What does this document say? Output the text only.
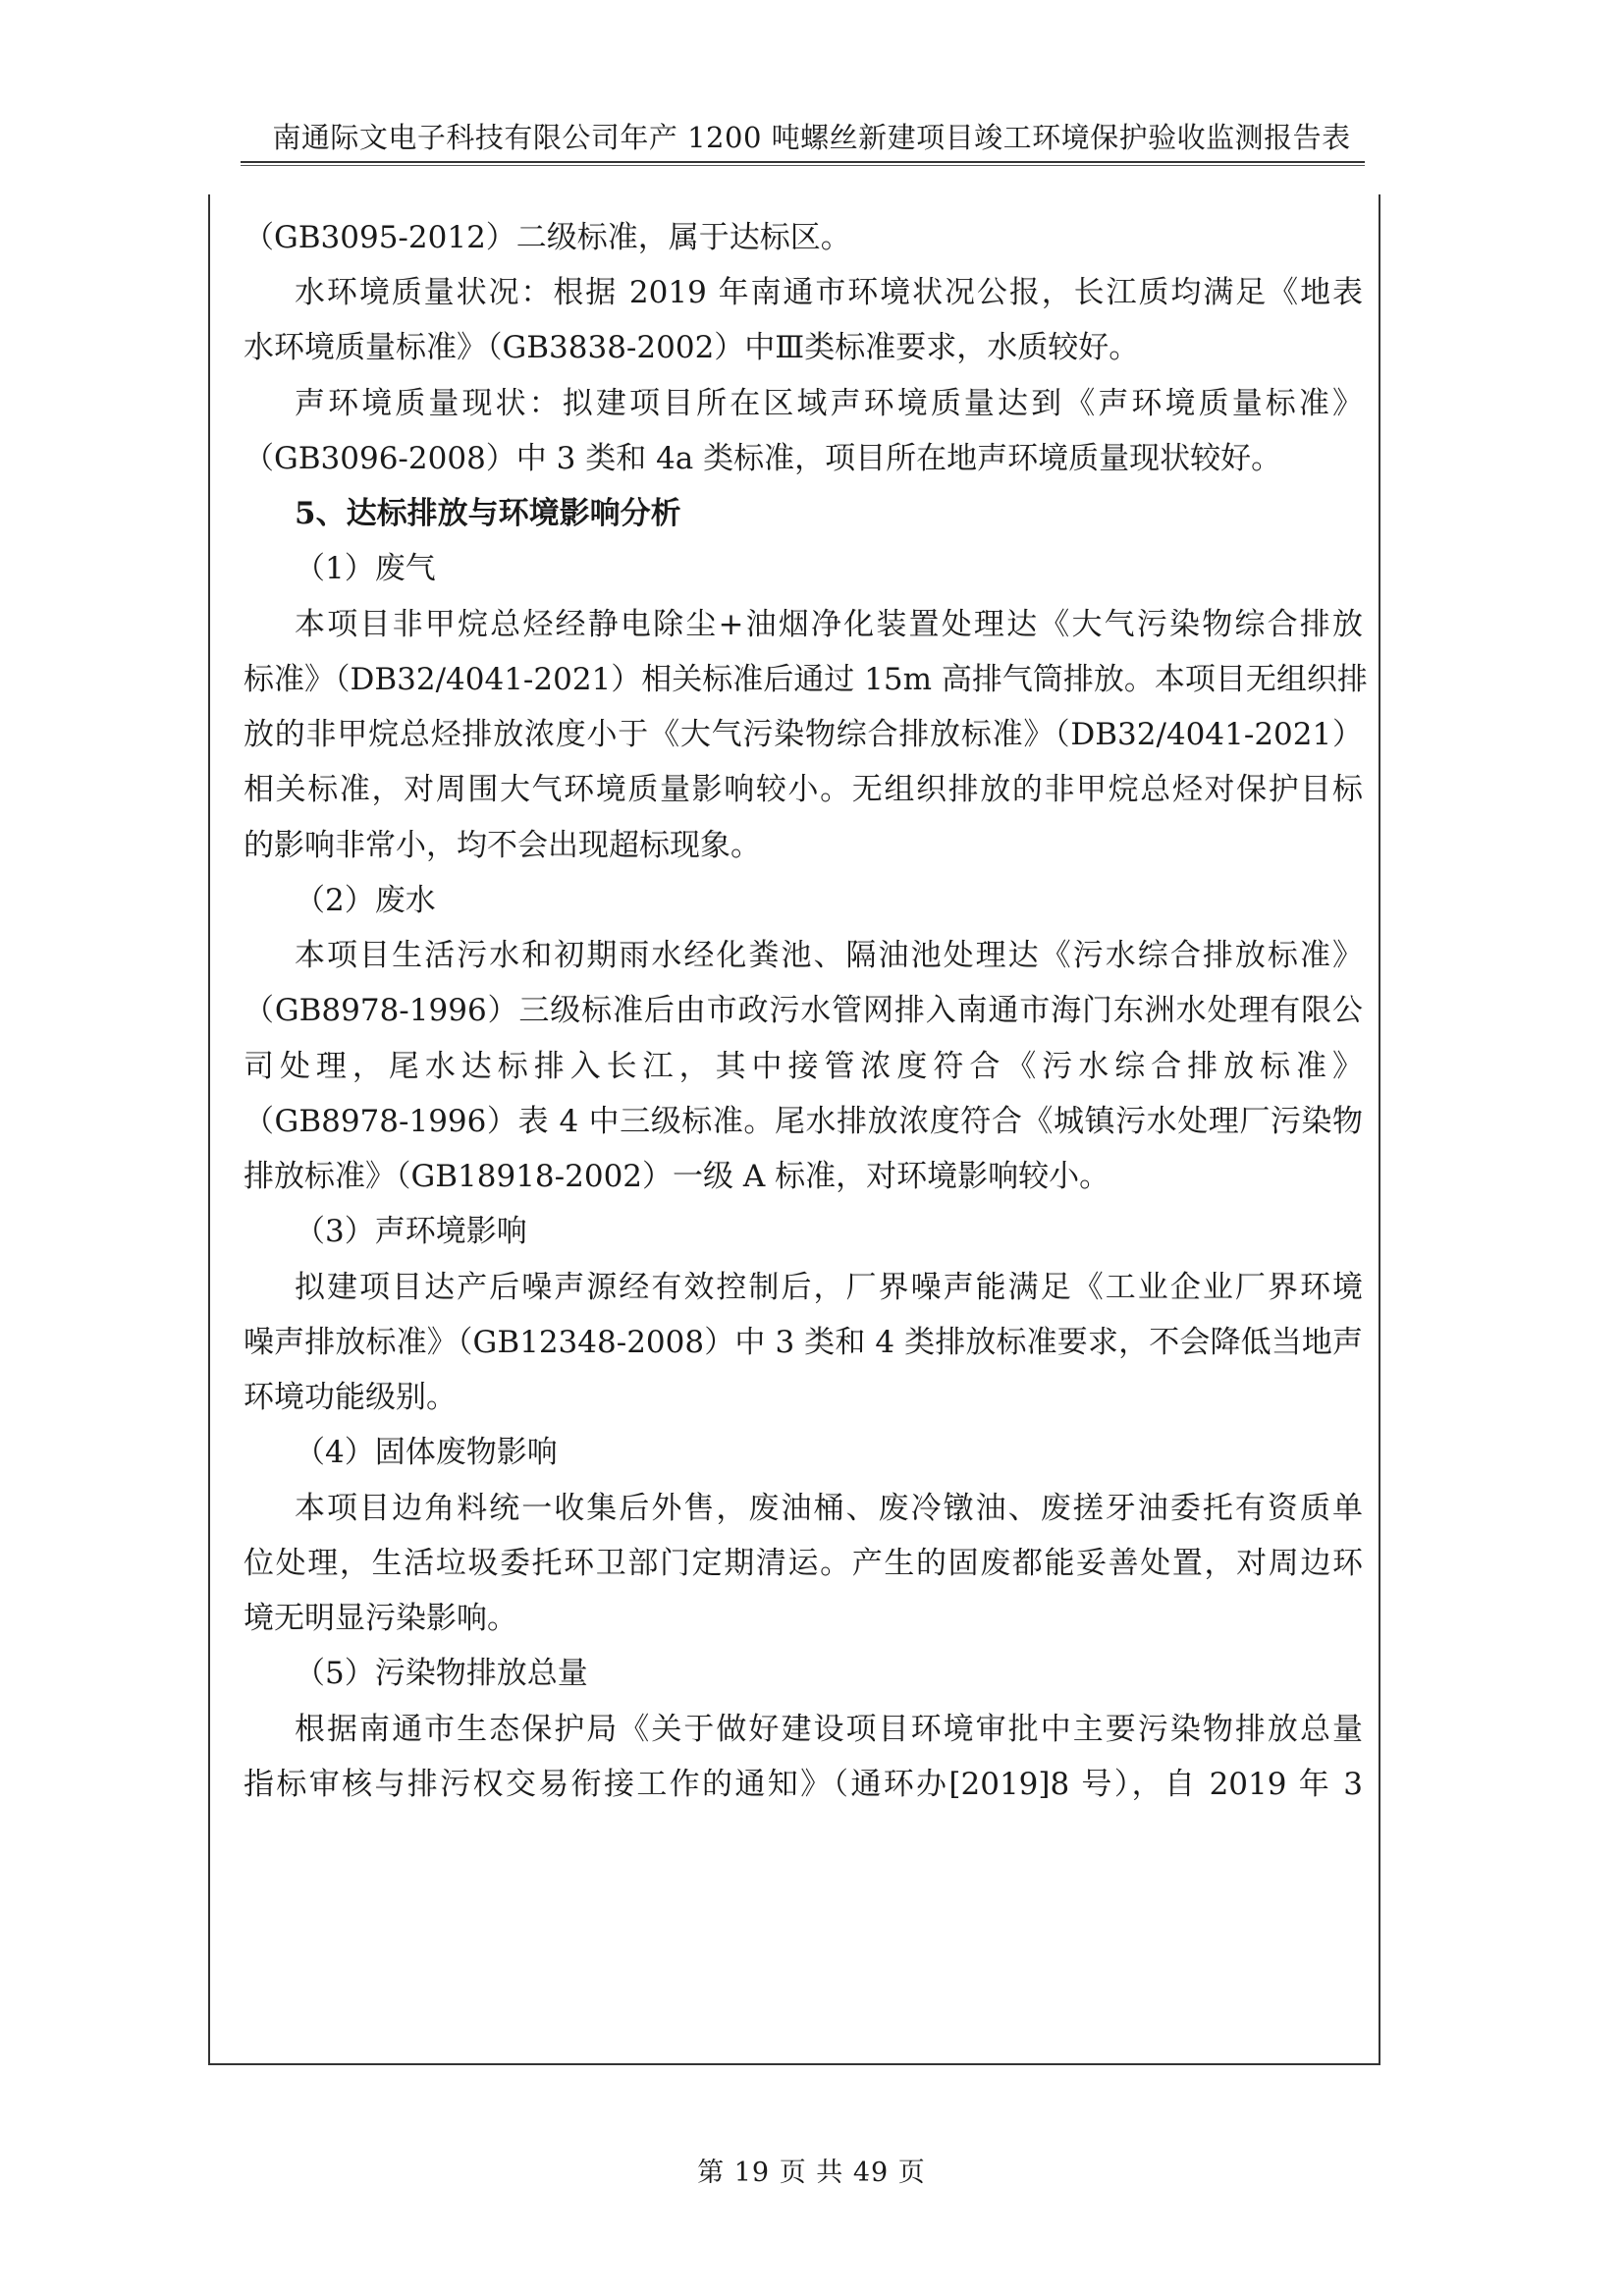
南通际文电子科技有限公司年产 1200 吨螺丝新建项目竣工环境保护验收监测报告表
（GB3095-2012）二级标准，属于达标区。
水环境质量状况：根据 2019 年南通市环境状况公报，长江质均满足《地表
水环境质量标准》（GB3838-2002）中Ⅲ类标准要求，水质较好。
声环境质量现状：拟建项目所在区域声环境质量达到《声环境质量标准》
（GB3096-2008）中 3 类和 4a 类标准，项目所在地声环境质量现状较好。
5、达标排放与环境影响分析
（1）废气
本项目非甲烷总烃经静电除尘+油烟净化装置处理达《大气污染物综合排放
标准》（DB32/4041-2021）相关标准后通过 15m 高排气筒排放。本项目无组织排
放的非甲烷总烃排放浓度小于《大气污染物综合排放标准》（DB32/4041-2021）
相关标准，对周围大气环境质量影响较小。无组织排放的非甲烷总烃对保护目标
的影响非常小，均不会出现超标现象。
（2）废水
本项目生活污水和初期雨水经化粪池、隔油池处理达《污水综合排放标准》
（GB8978-1996）三级标准后由市政污水管网排入南通市海门东洲水处理有限公
司处理，尾水达标排入长江，其中接管浓度符合《污水综合排放标准》
（GB8978-1996）表 4 中三级标准。尾水排放浓度符合《城镇污水处理厂污染物
排放标准》（GB18918-2002）一级 A 标准，对环境影响较小。
（3）声环境影响
拟建项目达产后噪声源经有效控制后，厂界噪声能满足《工业企业厂界环境
噪声排放标准》（GB12348-2008）中 3 类和 4 类排放标准要求，不会降低当地声
环境功能级别。
（4）固体废物影响
本项目边角料统一收集后外售，废油桶、废冷镦油、废搓牙油委托有资质单
位处理，生活垃圾委托环卫部门定期清运。产生的固废都能妥善处置，对周边环
境无明显污染影响。
（5）污染物排放总量
根据南通市生态保护局《关于做好建设项目环境审批中主要污染物排放总量
指标审核与排污权交易衔接工作的通知》（通环办[2019]8 号），自 2019 年 3
第 19 页 共 49 页
